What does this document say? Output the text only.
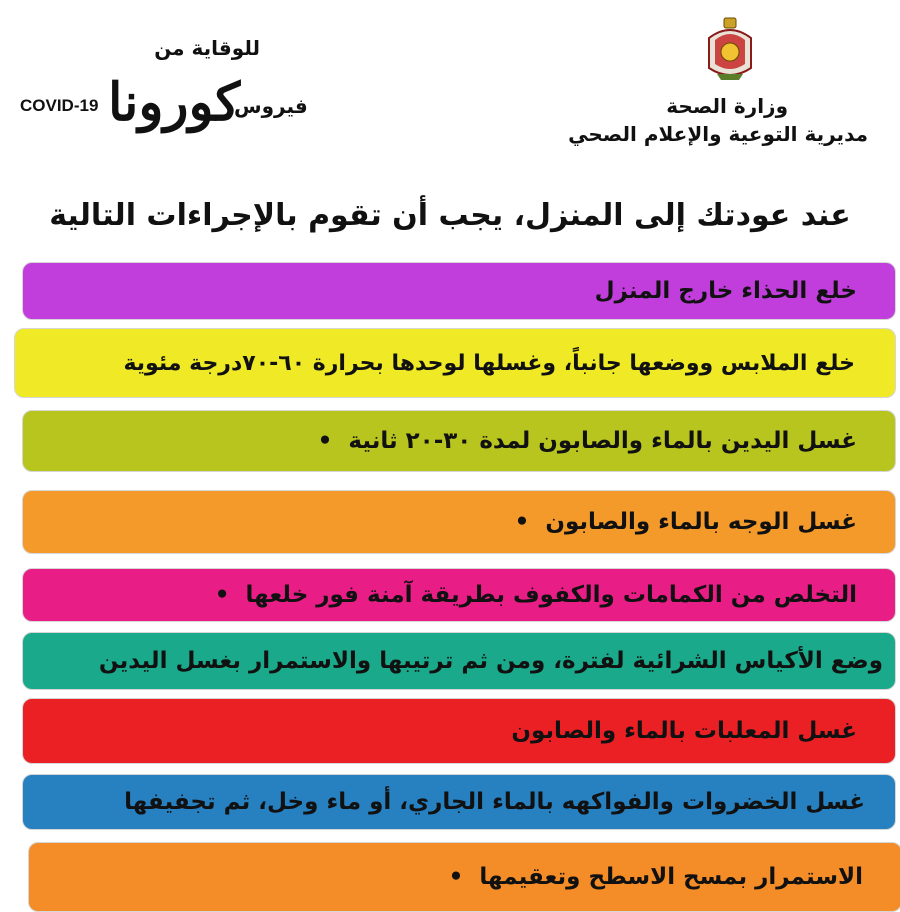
للوقاية من
فيروس
كورونا
COVID-19	وزارة الصحة
مديرية التوعية والإعلام الصحي
عند عودتك إلى المنزل، يجب أن تقوم بالإجراءات التالية
خلع الحذاء خارج المنزل
خلع الملابس ووضعها جانباً، وغسلها لوحدها بحرارة ٦٠-٧٠درجة مئوية
غسل اليدين بالماء والصابون لمدة ٣٠-٢٠ ثانية
•
غسل الوجه بالماء والصابون
•
التخلص من الكمامات والكفوف بطريقة آمنة فور خلعها
•
وضع الأكياس الشرائية لفترة، ومن ثم ترتيبها والاستمرار بغسل اليدين
غسل المعلبات بالماء والصابون
غسل الخضروات والفواكهه بالماء الجاري، أو ماء وخل، ثم تجفيفها
الاستمرار بمسح الاسطح وتعقيمها
•
